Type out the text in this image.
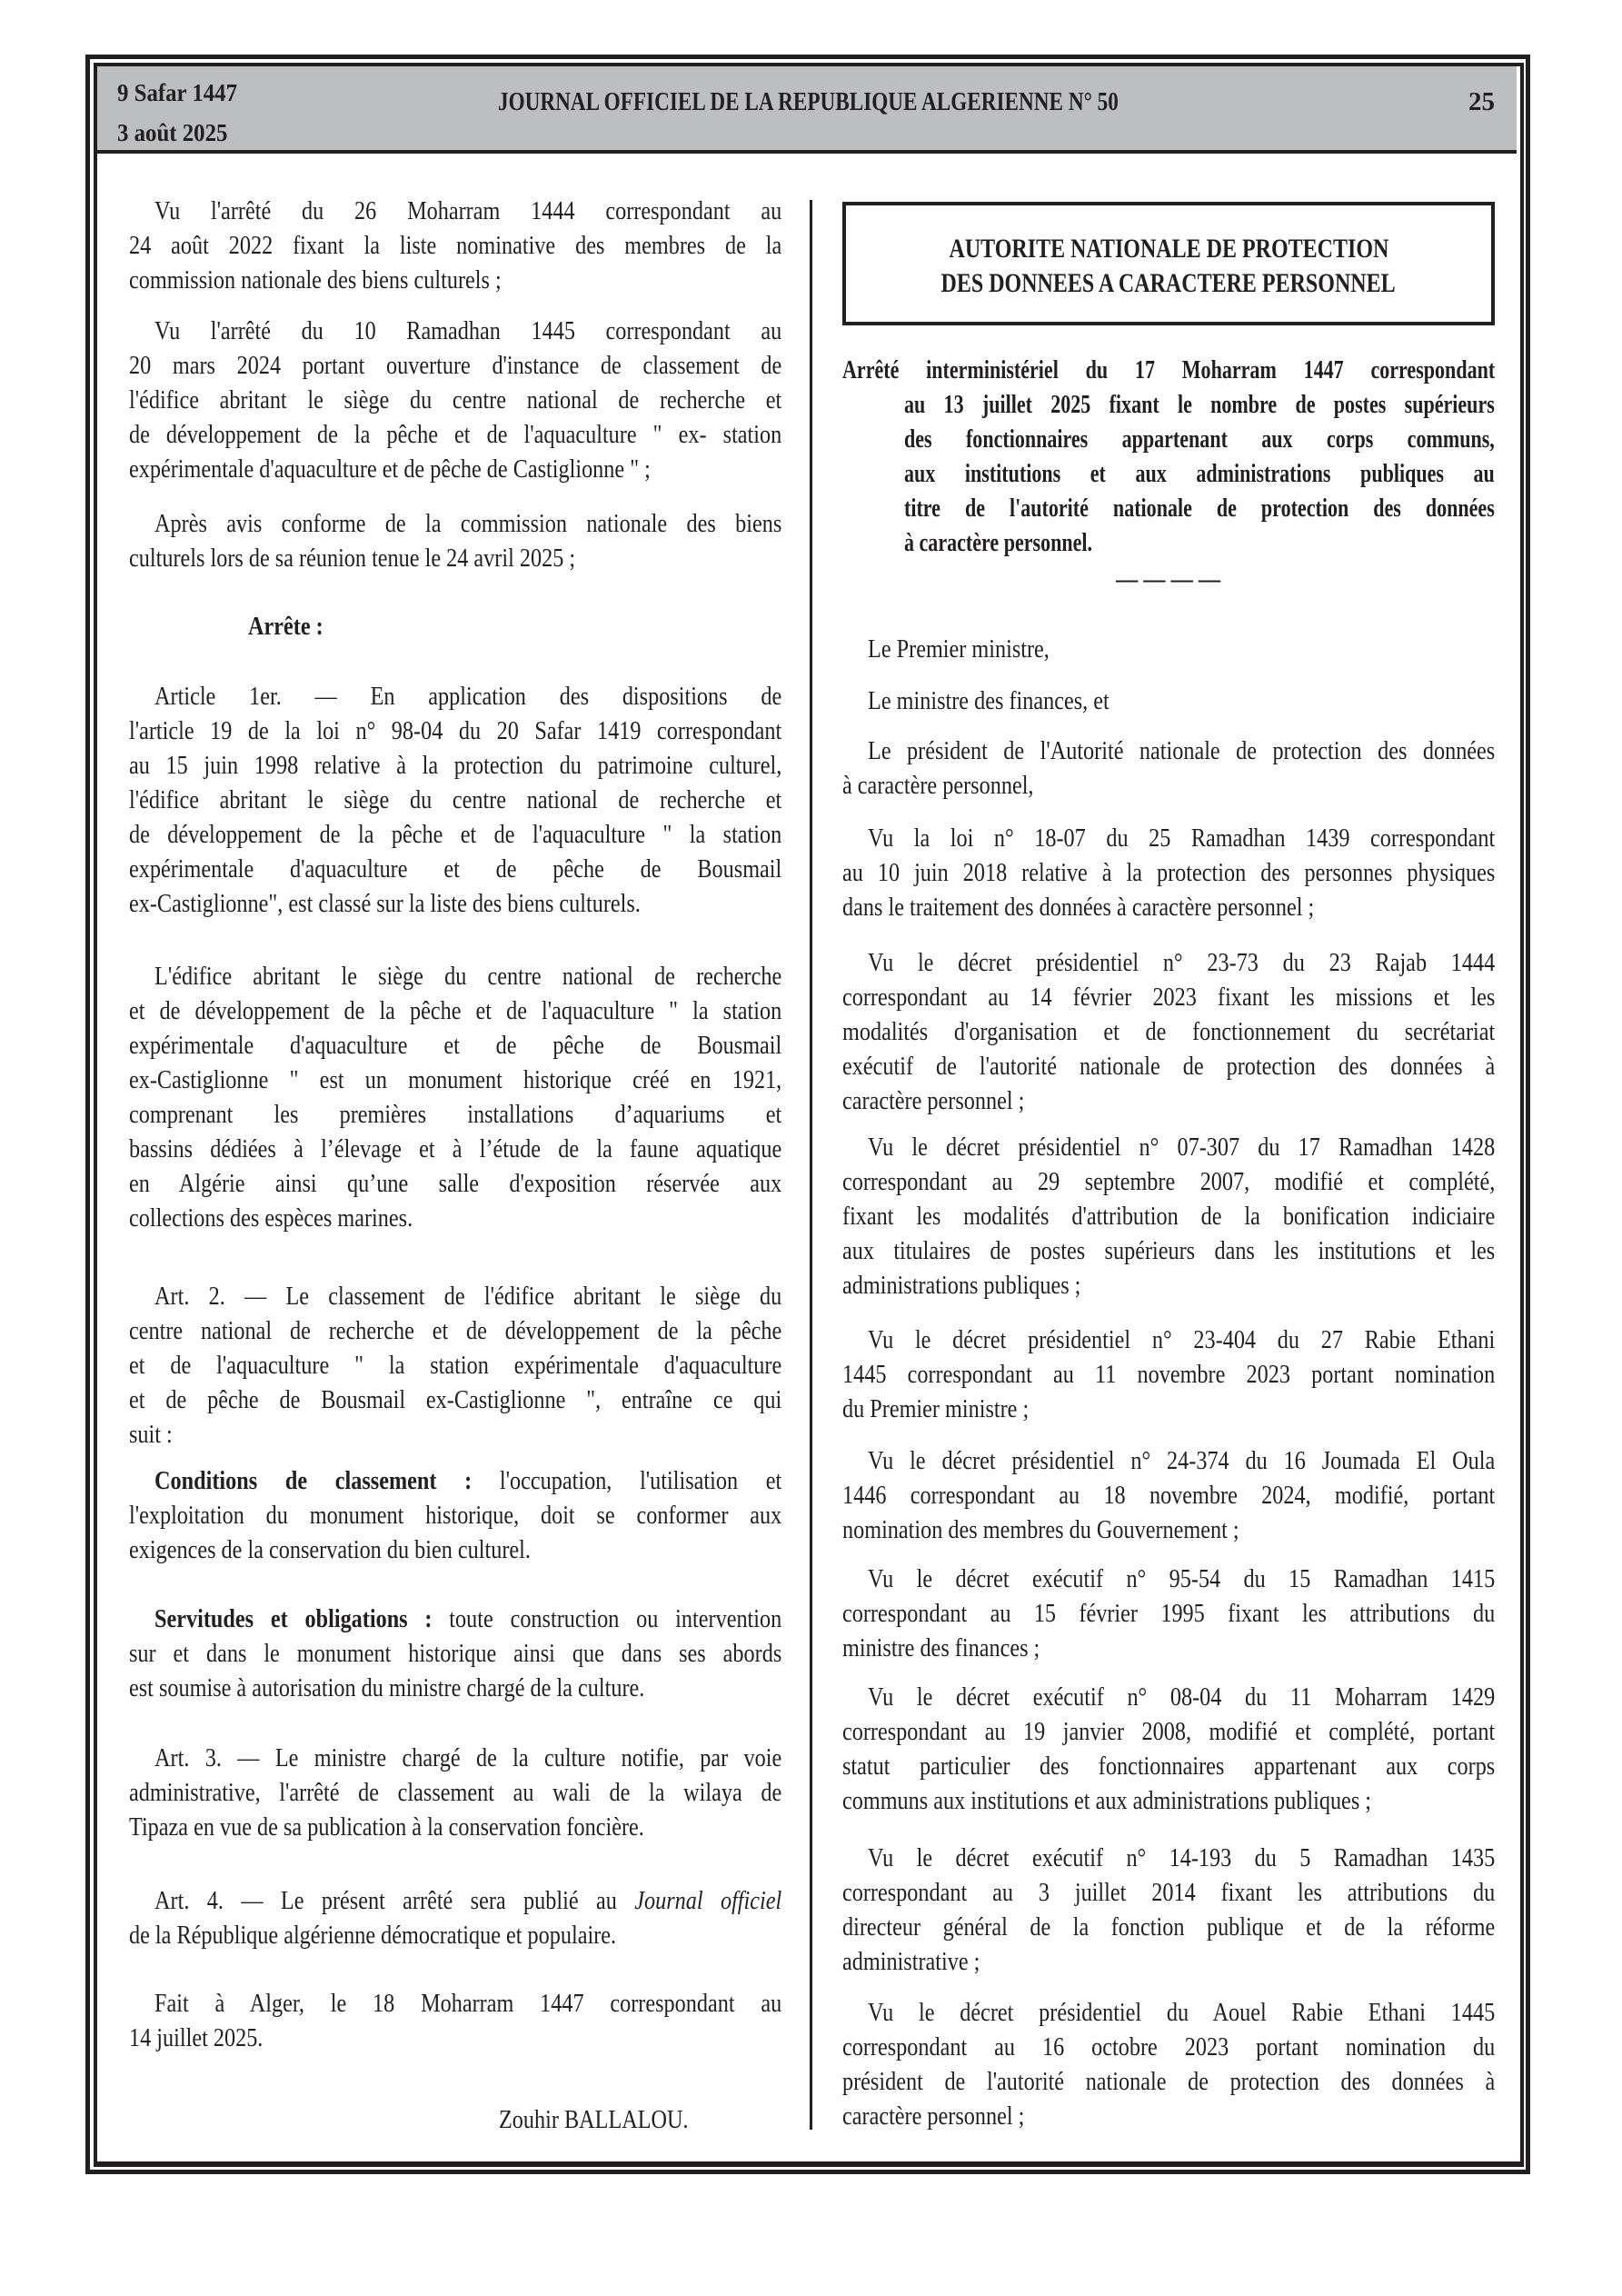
9 Safar 1447
3 août 2025
JOURNAL OFFICIEL DE LA REPUBLIQUE ALGERIENNE N° 50	25
Vu l'arrêté du 26 Moharram 1444 correspondant au
24 août 2022 fixant la liste nominative des membres de la
commission nationale des biens culturels ;
Vu l'arrêté du 10 Ramadhan 1445 correspondant au
20 mars 2024 portant ouverture d'instance de classement de
l'édifice abritant le siège du centre national de recherche et
de développement de la pêche et de l'aquaculture " ex- station
expérimentale d'aquaculture et de pêche de Castiglionne " ;
Après avis conforme de la commission nationale des biens
culturels lors de sa réunion tenue le 24 avril 2025 ;
Arrête :
Article 1er. — En application des dispositions de
l'article 19 de la loi n° 98-04 du 20 Safar 1419 correspondant
au 15 juin 1998 relative à la protection du patrimoine culturel,
l'édifice abritant le siège du centre national de recherche et
de développement de la pêche et de l'aquaculture " la station
expérimentale d'aquaculture et de pêche de Bousmail
ex-Castiglionne", est classé sur la liste des biens culturels.
L'édifice abritant le siège du centre national de recherche
et de développement de la pêche et de l'aquaculture " la station
expérimentale d'aquaculture et de pêche de Bousmail
ex-Castiglionne " est un monument historique créé en 1921,
comprenant les premières installations d’aquariums et
bassins dédiées à l’élevage et à l’étude de la faune aquatique
en Algérie ainsi qu’une salle d'exposition réservée aux
collections des espèces marines.
Art. 2. — Le classement de l'édifice abritant le siège du
centre national de recherche et de développement de la pêche
et de l'aquaculture " la station expérimentale d'aquaculture
et de pêche de Bousmail ex-Castiglionne ", entraîne ce qui
suit :
Conditions de classement : l'occupation, l'utilisation et
l'exploitation du monument historique, doit se conformer aux
exigences de la conservation du bien culturel.
Servitudes et obligations : toute construction ou intervention
sur et dans le monument historique ainsi que dans ses abords
est soumise à autorisation du ministre chargé de la culture.
Art. 3. — Le ministre chargé de la culture notifie, par voie
administrative, l'arrêté de classement au wali de la wilaya de
Tipaza en vue de sa publication à la conservation foncière.
Art. 4. — Le présent arrêté sera publié au Journal officiel
de la République algérienne démocratique et populaire.
Fait à Alger, le 18 Moharram 1447 correspondant au
14 juillet 2025.
Zouhir BALLALOU.
AUTORITE NATIONALE DE PROTECTION
DES DONNEES A CARACTERE PERSONNEL
Arrêté interministériel du 17 Moharram 1447 correspondant
au 13 juillet 2025 fixant le nombre de postes supérieurs
des fonctionnaires appartenant aux corps communs,
aux institutions et aux administrations publiques au
titre de l'autorité nationale de protection des données
à caractère personnel.
— — — —
Le Premier ministre,
Le ministre des finances, et
Le président de l'Autorité nationale de protection des données
à caractère personnel,
Vu la loi n° 18-07 du 25 Ramadhan 1439 correspondant
au 10 juin 2018 relative à la protection des personnes physiques
dans le traitement des données à caractère personnel ;
Vu le décret présidentiel n° 23-73 du 23 Rajab 1444
correspondant au 14 février 2023 fixant les missions et les
modalités d'organisation et de fonctionnement du secrétariat
exécutif de l'autorité nationale de protection des données à
caractère personnel ;
Vu le décret présidentiel n° 07-307 du 17 Ramadhan 1428
correspondant au 29 septembre 2007, modifié et complété,
fixant les modalités d'attribution de la bonification indiciaire
aux titulaires de postes supérieurs dans les institutions et les
administrations publiques ;
Vu le décret présidentiel n° 23-404 du 27 Rabie Ethani
1445 correspondant au 11 novembre 2023 portant nomination
du Premier ministre ;
Vu le décret présidentiel n° 24-374 du 16 Joumada El Oula
1446 correspondant au 18 novembre 2024, modifié, portant
nomination des membres du Gouvernement ;
Vu le décret exécutif n° 95-54 du 15 Ramadhan 1415
correspondant au 15 février 1995 fixant les attributions du
ministre des finances ;
Vu le décret exécutif n° 08-04 du 11 Moharram 1429
correspondant au 19 janvier 2008, modifié et complété, portant
statut particulier des fonctionnaires appartenant aux corps
communs aux institutions et aux administrations publiques ;
Vu le décret exécutif n° 14-193 du 5 Ramadhan 1435
correspondant au 3 juillet 2014 fixant les attributions du
directeur général de la fonction publique et de la réforme
administrative ;
Vu le décret présidentiel du Aouel Rabie Ethani 1445
correspondant au 16 octobre 2023 portant nomination du
président de l'autorité nationale de protection des données à
caractère personnel ;
